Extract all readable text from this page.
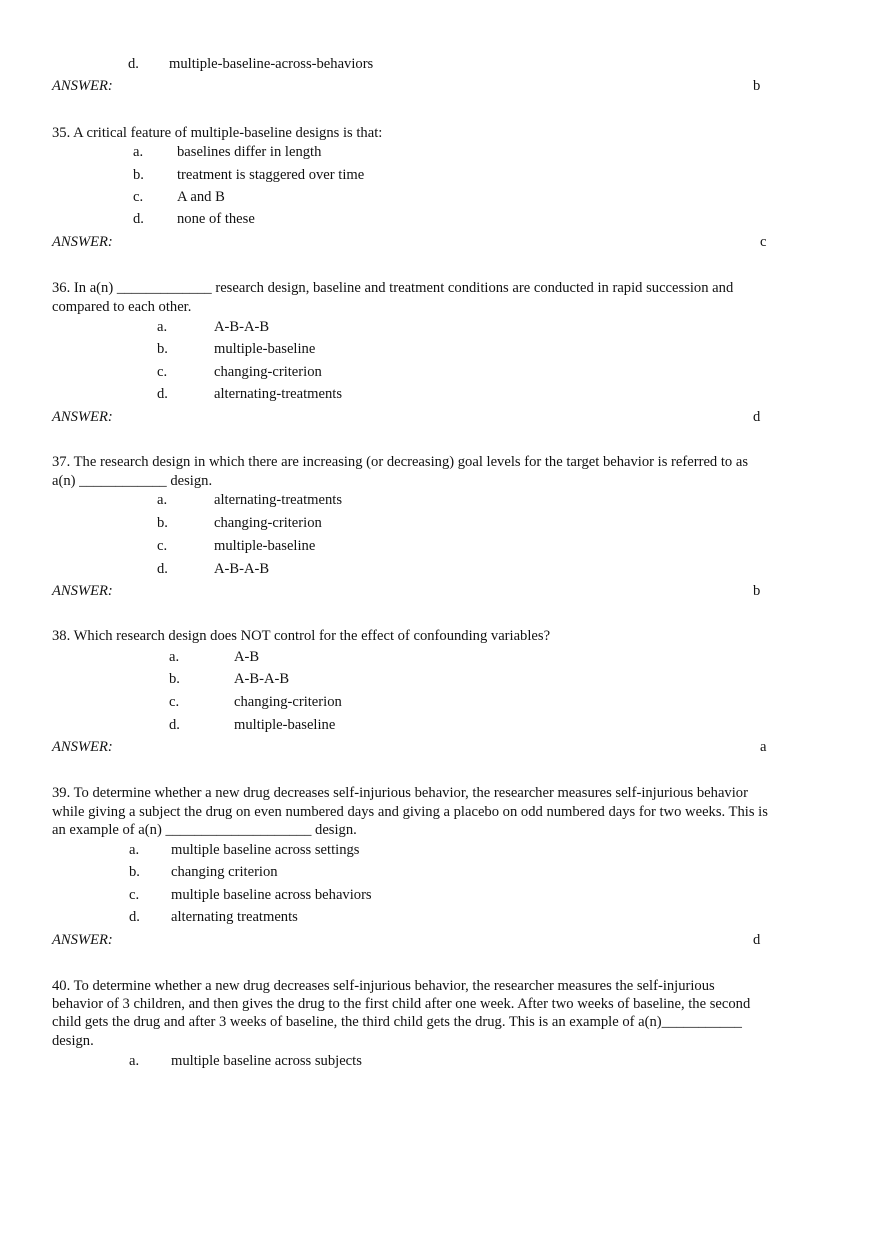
d. multiple-baseline-across-behaviors
ANSWER:	b
35. A critical feature of multiple-baseline designs is that:
a. baselines differ in length
b. treatment is staggered over time
c. A and B
d. none of these
ANSWER:	c
36. In a(n) _____________ research design, baseline and treatment conditions are conducted in rapid succession and
compared to each other.
a.	A-B-A-B
b.	multiple-baseline
c.	changing-criterion
d.	alternating-treatments
ANSWER:	d
37. The research design in which there are increasing (or decreasing) goal levels for the target behavior is referred to as
a(n) ____________ design.
a.	alternating-treatments
b.	changing-criterion
c.	multiple-baseline
d.	A-B-A-B
ANSWER:	b
38. Which research design does NOT control for the effect of confounding variables?
a.	A-B
b.	A-B-A-B
c.	changing-criterion
d.	multiple-baseline
ANSWER:	a
39. To determine whether a new drug decreases self-injurious behavior, the researcher measures self-injurious behavior
while giving a subject the drug on even numbered days and giving a placebo on odd numbered days for two weeks. This is
an example of a(n) ____________________ design.
a. multiple baseline across settings
b. changing criterion
c. multiple baseline across behaviors
d. alternating treatments
ANSWER:	d
40. To determine whether a new drug decreases self-injurious behavior, the researcher measures the self-injurious
behavior of 3 children, and then gives the drug to the first child after one week. After two weeks of baseline, the second
child gets the drug and after 3 weeks of baseline, the third child gets the drug. This is an example of a(n)___________
design.
a. multiple baseline across subjects
